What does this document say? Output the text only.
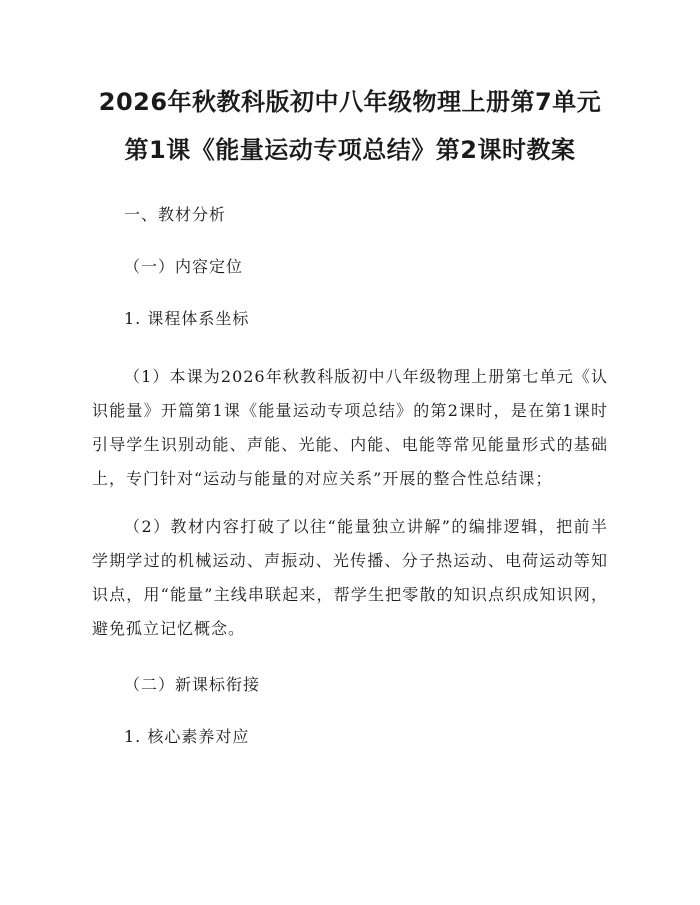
2026年秋教科版初中八年级物理上册第7单元第1课《能量运动专项总结》第2课时教案

一、教材分析

（一）内容定位

1. 课程体系坐标

（1）本课为2026年秋教科版初中八年级物理上册第七单元《认识能量》开篇第1课《能量运动专项总结》的第2课时，是在第1课时引导学生识别动能、声能、光能、内能、电能等常见能量形式的基础上，专门针对“运动与能量的对应关系”开展的整合性总结课；

（2）教材内容打破了以往“能量独立讲解”的编排逻辑，把前半学期学过的机械运动、声振动、光传播、分子热运动、电荷运动等知识点，用“能量”主线串联起来，帮学生把零散的知识点织成知识网，避免孤立记忆概念。

（二）新课标衔接

1. 核心素养对应
